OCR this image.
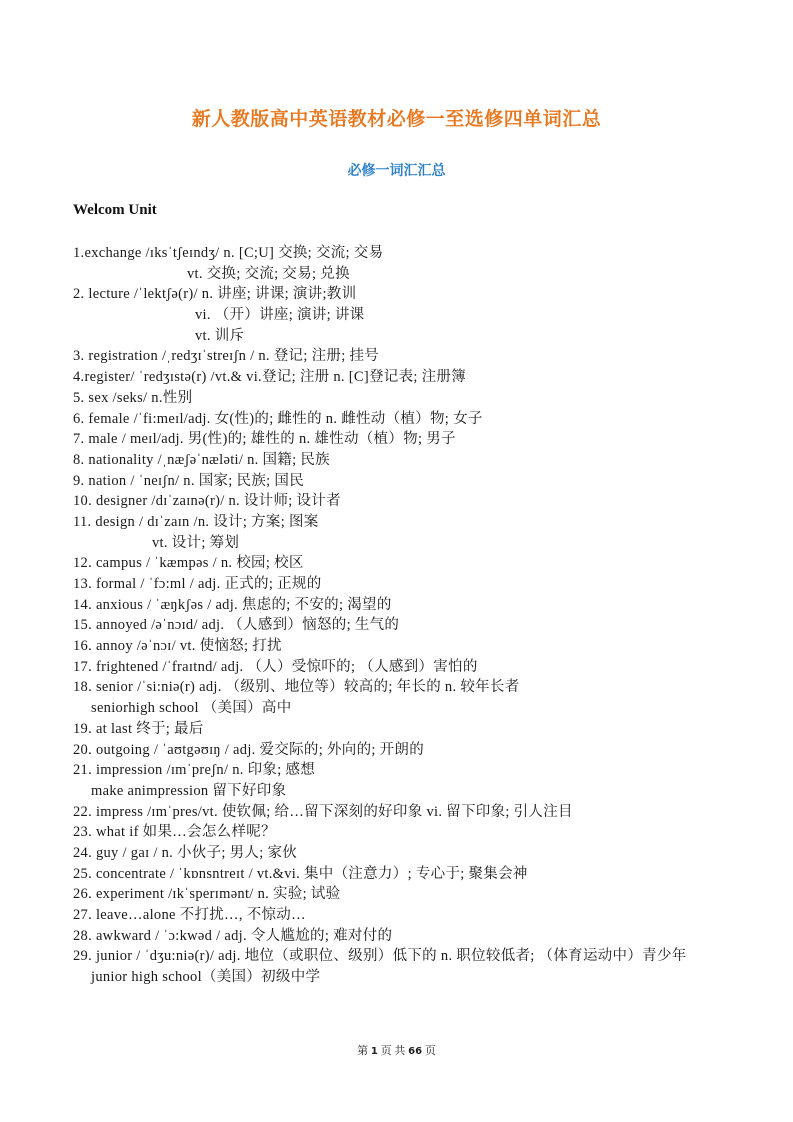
新人教版高中英语教材必修一至选修四单词汇总
必修一词汇汇总
Welcom Unit
1.exchange /ɪksˈtʃeɪndʒ/ n. [C;U] 交换; 交流; 交易
vt. 交换; 交流; 交易; 兑换
2. lecture /ˈlektʃə(r)/ n. 讲座; 讲课; 演讲;教训
vi. （开）讲座; 演讲; 讲课
vt. 训斥
3. registration /ˌredʒɪˈstreɪʃn / n. 登记; 注册; 挂号
4.register/ ˈredʒɪstə(r) /vt.& vi.登记; 注册 n. [C]登记表; 注册簿
5. sex /seks/ n.性别
6. female /ˈfi:meɪl/adj. 女(性)的; 雌性的 n. 雌性动（植）物; 女子
7. male / meɪl/adj. 男(性)的; 雄性的 n. 雄性动（植）物; 男子
8. nationality /ˌnæʃəˈnæləti/ n. 国籍; 民族
9. nation / ˈneɪʃn/ n. 国家; 民族; 国民
10. designer /dɪˈzaɪnə(r)/ n. 设计师; 设计者
11. design / dɪˈzaɪn /n. 设计; 方案; 图案
vt. 设计; 筹划
12. campus / ˈkæmpəs / n. 校园; 校区
13. formal / ˈfɔ:ml / adj. 正式的; 正规的
14. anxious / ˈæŋkʃəs / adj. 焦虑的; 不安的; 渴望的
15. annoyed /əˈnɔɪd/ adj. （人感到）恼怒的; 生气的
16. annoy /əˈnɔɪ/ vt. 使恼怒; 打扰
17. frightened /ˈfraɪtnd/ adj. （人）受惊吓的; （人感到）害怕的
18. senior /ˈsi:niə(r) adj. （级别、地位等）较高的; 年长的 n. 较年长者
seniorhigh school （美国）高中
19. at last 终于; 最后
20. outgoing / ˈaʊtgəʊɪŋ / adj. 爱交际的; 外向的; 开朗的
21. impression /ɪmˈpreʃn/ n. 印象; 感想
make animpression 留下好印象
22. impress /ɪmˈpres/vt. 使钦佩; 给…留下深刻的好印象 vi. 留下印象; 引人注目
23. what if 如果…会怎么样呢？
24. guy / gaɪ / n. 小伙子; 男人; 家伙
25. concentrate / ˈkɒnsntreɪt / vt.&vi. 集中（注意力）; 专心于; 聚集会神
26. experiment /ɪkˈsperɪmənt/ n. 实验; 试验
27. leave…alone 不打扰…, 不惊动…
28. awkward / ˈɔ:kwəd / adj. 令人尴尬的; 难对付的
29. junior / ˈdʒu:niə(r)/ adj. 地位（或职位、级别）低下的 n. 职位较低者; （体育运动中）青少年
junior high school（美国）初级中学
第 1 页 共 66 页
